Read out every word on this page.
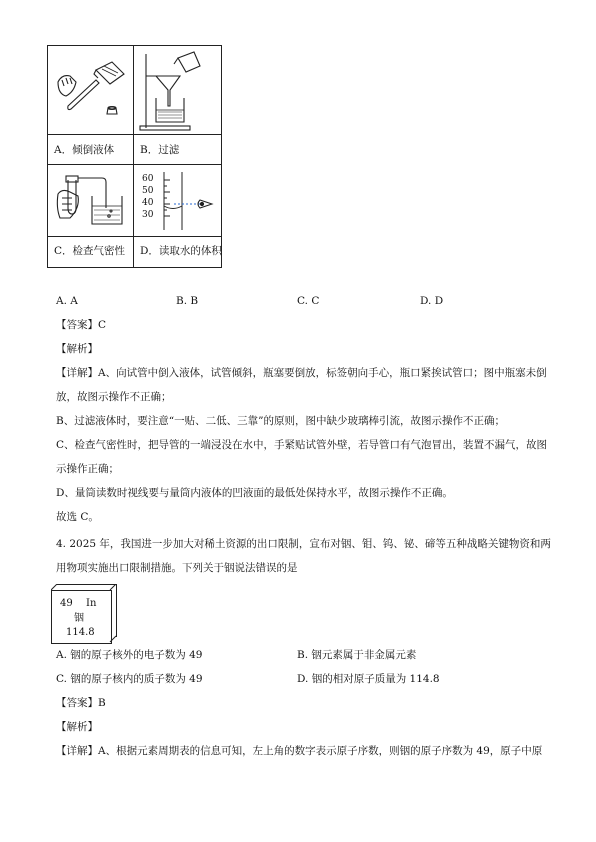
A．倾倒液体 B．过滤
60
50
40
30
C．检查气密性 D．读取水的体积
A. A	B. B	C. C	D. D
【答案】C
【解析】
【详解】A、向试管中倒入液体，试管倾斜，瓶塞要倒放，标签朝向手心，瓶口紧挨试管口；图中瓶塞未倒
放，故图示操作不正确；
B、过滤液体时，要注意“一贴、二低、三靠”的原则，图中缺少玻璃棒引流，故图示操作不正确；
C、检查气密性时，把导管的一端浸没在水中，手紧贴试管外壁，若导管口有气泡冒出，装置不漏气，故图
示操作正确；
D、量筒读数时视线要与量筒内液体的凹液面的最低处保持水平，故图示操作不正确。
故选 C。
4. 2025 年，我国进一步加大对稀土资源的出口限制，宣布对铟、钼、钨、铋、碲等五种战略关键物资和两
用物项实施出口限制措施。下列关于铟说法错误的是
49 In
铟
114.8
A. 铟的原子核外的电子数为 49	B. 铟元素属于非金属元素
C. 铟的原子核内的质子数为 49	D. 铟的相对原子质量为 114.8
【答案】B
【解析】
【详解】A、根据元素周期表的信息可知，左上角的数字表示原子序数，则铟的原子序数为 49，原子中原
